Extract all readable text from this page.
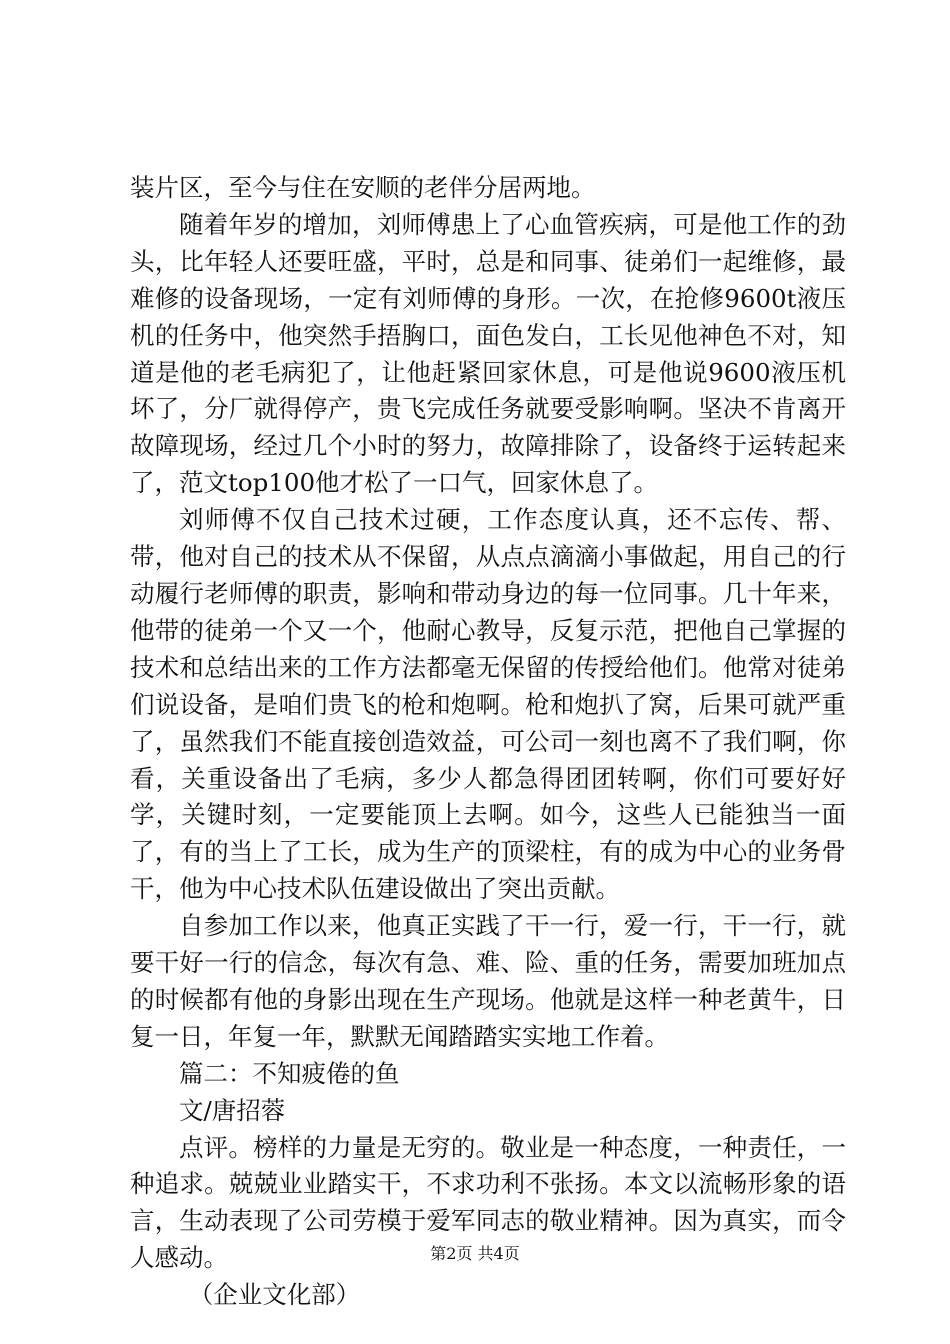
装片区，至今与住在安顺的老伴分居两地。

随着年岁的增加，刘师傅患上了心血管疾病，可是他工作的劲头，比年轻人还要旺盛，平时，总是和同事、徒弟们一起维修，最难修的设备现场，一定有刘师傅的身形。一次，在抢修9600t液压机的任务中，他突然手捂胸口，面色发白，工长见他神色不对，知道是他的老毛病犯了，让他赶紧回家休息，可是他说9600液压机坏了，分厂就得停产，贵飞完成任务就要受影响啊。坚决不肯离开故障现场，经过几个小时的努力，故障排除了，设备终于运转起来了，范文top100他才松了一口气，回家休息了。

刘师傅不仅自己技术过硬，工作态度认真，还不忘传、帮、带，他对自己的技术从不保留，从点点滴滴小事做起，用自己的行动履行老师傅的职责，影响和带动身边的每一位同事。几十年来，他带的徒弟一个又一个，他耐心教导，反复示范，把他自己掌握的技术和总结出来的工作方法都毫无保留的传授给他们。他常对徒弟们说设备，是咱们贵飞的枪和炮啊。枪和炮扒了窝，后果可就严重了，虽然我们不能直接创造效益，可公司一刻也离不了我们啊，你看，关重设备出了毛病，多少人都急得团团转啊，你们可要好好学，关键时刻，一定要能顶上去啊。如今，这些人已能独当一面了，有的当上了工长，成为生产的顶梁柱，有的成为中心的业务骨干，他为中心技术队伍建设做出了突出贡献。

自参加工作以来，他真正实践了干一行，爱一行，干一行，就要干好一行的信念，每次有急、难、险、重的任务，需要加班加点的时候都有他的身影出现在生产现场。他就是这样一种老黄牛，日复一日，年复一年，默默无闻踏踏实实地工作着。

篇二：不知疲倦的鱼

文/唐招蓉

点评。榜样的力量是无穷的。敬业是一种态度，一种责任，一种追求。兢兢业业踏实干，不求功利不张扬。本文以流畅形象的语言，生动表现了公司劳模于爱军同志的敬业精神。因为真实，而令人感动。

（企业文化部）

第2页 共4页
